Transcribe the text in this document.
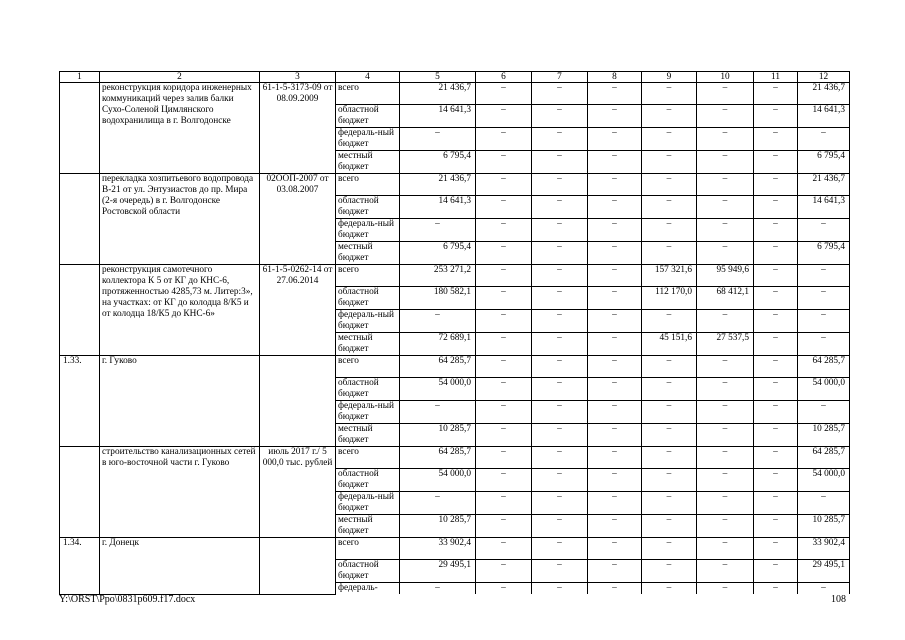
1	2	3	4	5	6	7	8	9	10	11	12
	реконструкция коридора инженерных коммуникаций через залив балки Сухо-Соленой Цимлянского водохранилища в г. Волгодонске	61-1-5-3173-09 от 08.09.2009	всего	21 436,7	–	–	–	–	–	–	21 436,7
			областной бюджет	14 641,3	–	–	–	–	–	–	14 641,3
			федераль-ный бюджет	–	–	–	–	–	–	–	–
			местный бюджет	6 795,4	–	–	–	–	–	–	6 795,4
	перекладка хозпитьевого водопровода В-21 от ул. Энтузиастов до пр. Мира (2-я очередь) в г. Волгодонске Ростовской области	02ООП-2007 от 03.08.2007	всего	21 436,7	–	–	–	–	–	–	21 436,7
			областной бюджет	14 641,3	–	–	–	–	–	–	14 641,3
			федераль-ный бюджет	–	–	–	–	–	–	–	–
			местный бюджет	6 795,4	–	–	–	–	–	–	6 795,4
	реконструкция самотечного коллектора К 5 от КГ до КНС-6, протяженностью 4285,73 м. Литер:3», на участках: от КГ до колодца 8/К5 и от колодца 18/К5 до КНС-6»	61-1-5-0262-14 от 27.06.2014	всего	253 271,2	–	–	–	157 321,6	95 949,6	–	–
			областной бюджет	180 582,1	–	–	–	112 170,0	68 412,1	–	–
			федераль-ный бюджет	–	–	–	–	–	–	–	–
			местный бюджет	72 689,1	–	–	–	45 151,6	27 537,5	–	–
1.33.	г. Гуково		всего	64 285,7	–	–	–	–	–	–	64 285,7
			областной бюджет	54 000,0	–	–	–	–	–	–	54 000,0
			федераль-ный бюджет	–	–	–	–	–	–	–	–
			местный бюджет	10 285,7	–	–	–	–	–	–	10 285,7
	строительство канализационных сетей в юго-восточной части г. Гуково	июль 2017 г./ 5 000,0 тыс. рублей	всего	64 285,7	–	–	–	–	–	–	64 285,7
			областной бюджет	54 000,0	–	–	–	–	–	–	54 000,0
			федераль-ный бюджет	–	–	–	–	–	–	–	–
			местный бюджет	10 285,7	–	–	–	–	–	–	10 285,7
1.34.	г. Донецк		всего	33 902,4	–	–	–	–	–	–	33 902,4
			областной бюджет	29 495,1	–	–	–	–	–	–	29 495,1
			федераль-	–	–	–	–	–	–	–	–
Y:\ORST\Ppo\0831p609.f17.docx	108
